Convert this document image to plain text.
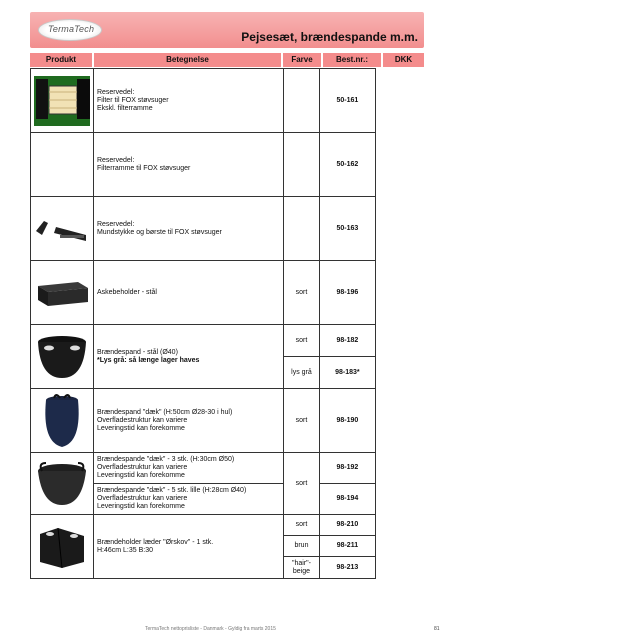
TermaTech
Pejsesæt, brændespande m.m.
Produkt	Betegnelse	Farve	Best.nr.:	DKK

Reservedel:
Filter til FOX støvsuger
Ekskl. filterramme		50-161	

	Reservedel:
Filterramme til FOX støvsuger		50-162	

Reservedel:
Mundstykke og børste til FOX støvsuger		50-163	

Askebeholder - stål	sort	98-196	

Brændespand - stål (Ø40)
*Lys grå: så længe lager haves	sort	98-182	
		lys grå	98-183*	

Brændespand "dæk" (H:50cm Ø28-30 i hul)
Overfladestruktur kan variere
Leveringstid kan forekomme	sort	98-190	

Brændespande "dæk" - 3 stk. (H:30cm Ø50)
Overfladestruktur kan variere
Leveringstid kan forekomme	sort	98-192	

	Brændespande "dæk" - 5 stk. lille (H:28cm Ø40)
Overfladestruktur kan variere
Leveringstid kan forekomme		98-194	

Brændeholder læder "Ørskov" - 1 stk.
H:46cm L:35 B:30	sort	98-210	
		brun	98-211	
		"hair"-beige	98-213	
TermaTech nettoprisliste - Danmark - Gyldig fra marts 2015	81
